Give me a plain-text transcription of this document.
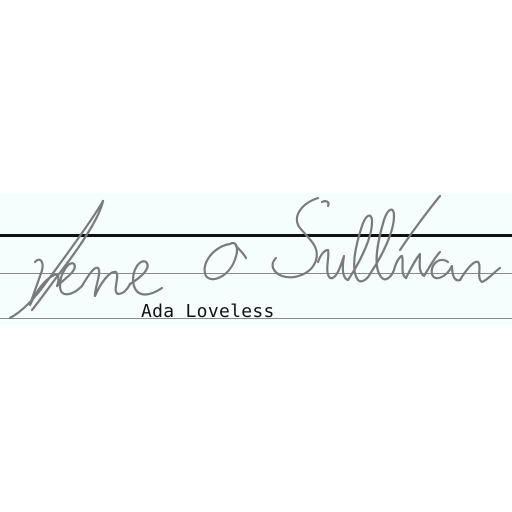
Ada Loveless
